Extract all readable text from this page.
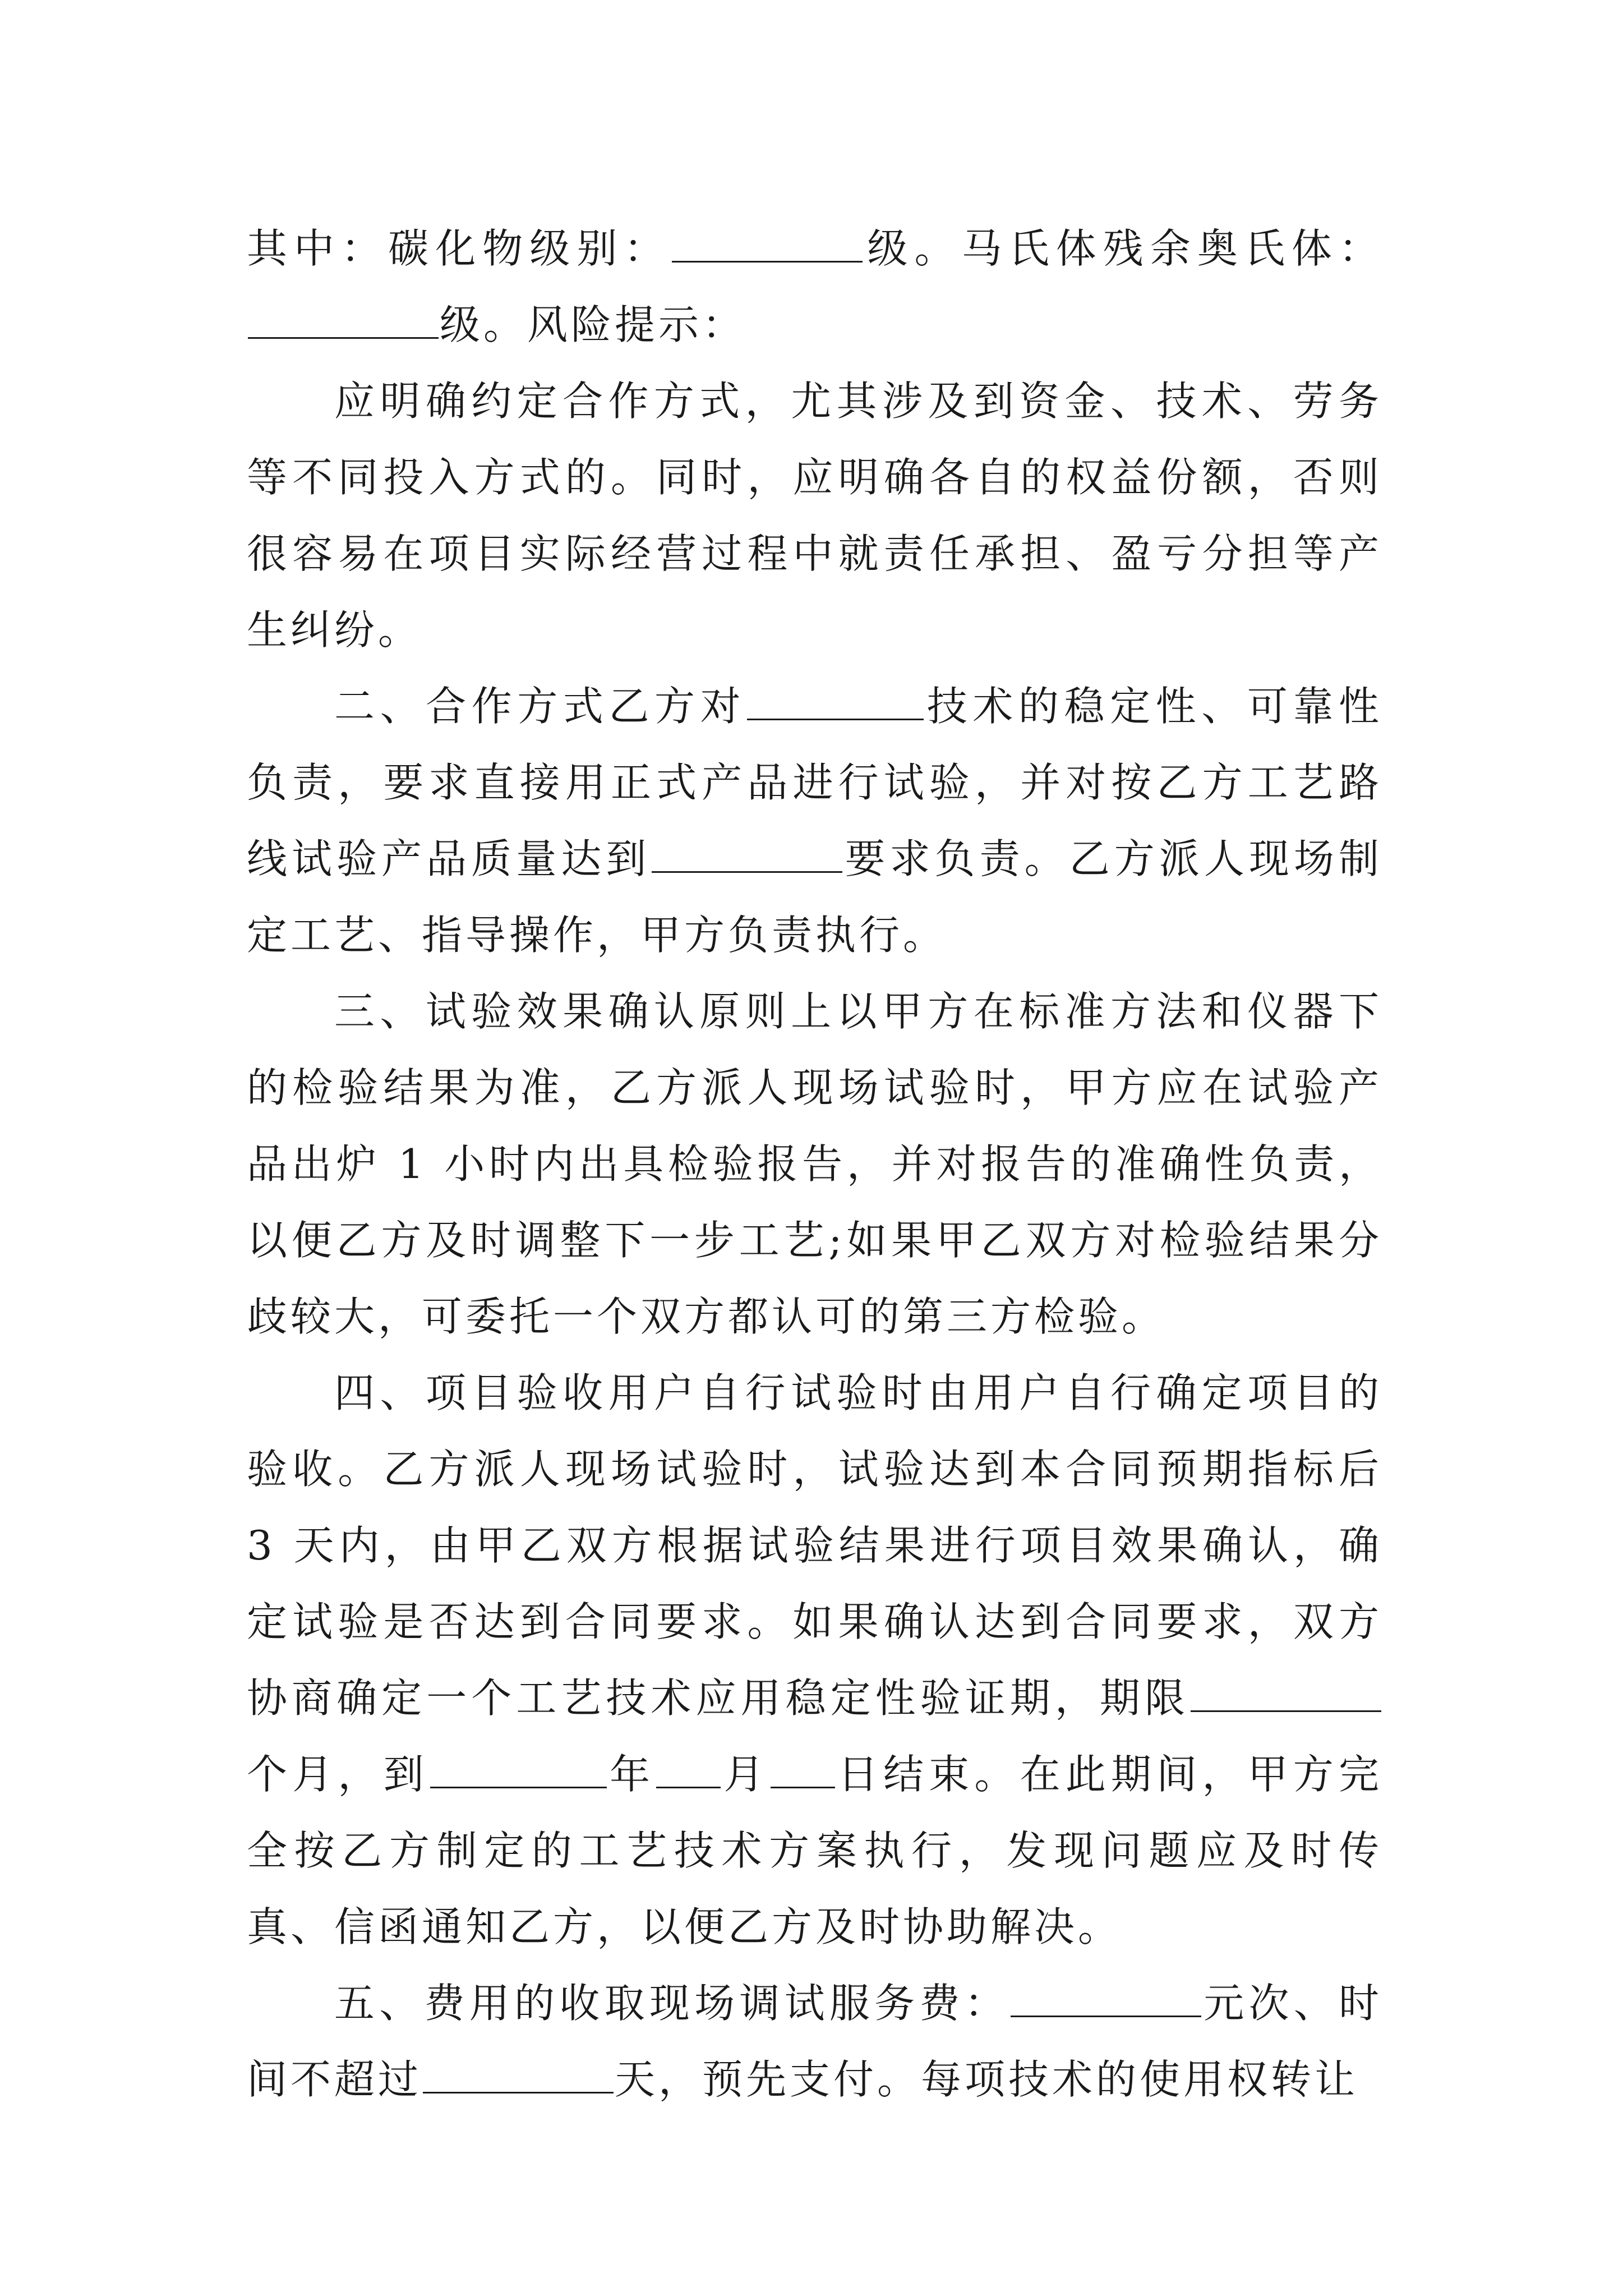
其中：碳化物级别：	级。马氏体残余奥氏体：级。风险提示：

应明确约定合作方式，尤其涉及到资金、技术、劳务等不同投入方式的。同时，应明确各自的权益份额，否则很容易在项目实际经营过程中就责任承担、盈亏分担等产生纠纷。

二、合作方式乙方对	技术的稳定性、可靠性负责，要求直接用正式产品进行试验，并对按乙方工艺路线试验产品质量达到	要求负责。乙方派人现场制定工艺、指导操作，甲方负责执行。

三、试验效果确认原则上以甲方在标准方法和仪器下的检验结果为准，乙方派人现场试验时，甲方应在试验产品出炉 1 小时内出具检验报告，并对报告的准确性负责，以便乙方及时调整下一步工艺;如果甲乙双方对检验结果分歧较大，可委托一个双方都认可的第三方检验。

四、项目验收用户自行试验时由用户自行确定项目的验收。乙方派人现场试验时，试验达到本合同预期指标后 3 天内，由甲乙双方根据试验结果进行项目效果确认，确定试验是否达到合同要求。如果确认达到合同要求，双方协商确定一个工艺技术应用稳定性验证期，期限个月，到	年 月 日结束。在此期间，甲方完全按乙方制定的工艺技术方案执行，发现问题应及时传真、信函通知乙方，以便乙方及时协助解决。

五、费用的收取现场调试服务费：	元次、时间不超过	天，预先支付。每项技术的使用权转让
